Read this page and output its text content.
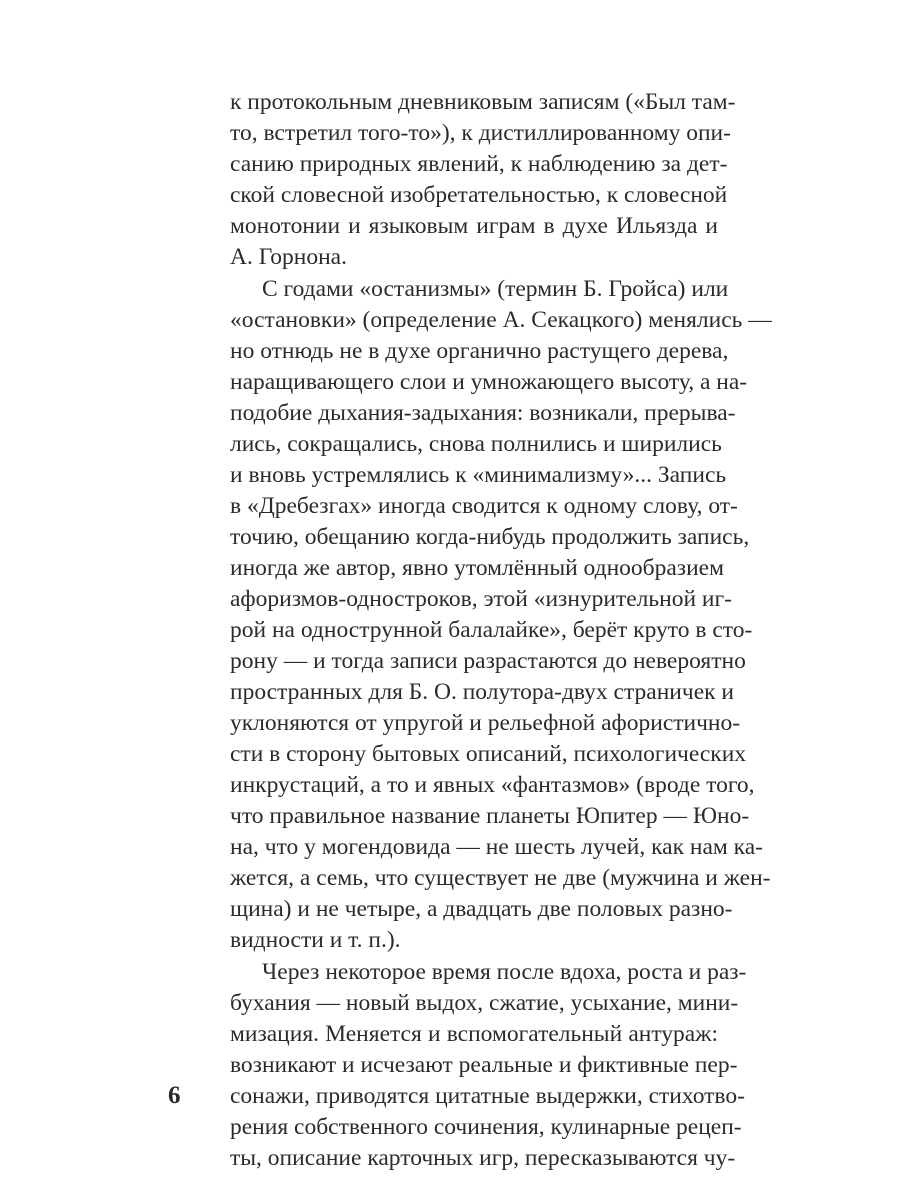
к протокольным дневниковым записям («Был там-
то, встретил того-то»), к дистиллированному опи-
санию природных явлений, к наблюдению за дет-
ской словесной изобретательностью, к словесной
монотонии и языковым играм в духе Ильязда и
А. Горнона.
С годами «останизмы» (термин Б. Гройса) или
«остановки» (определение А. Секацкого) менялись —
но отнюдь не в духе органично растущего дерева,
наращивающего слои и умножающего высоту, а на-
подобие дыхания-задыхания: возникали, прерыва-
лись, сокращались, снова полнились и ширились
и вновь устремлялись к «минимализму»... Запись
в «Дребезгах» иногда сводится к одному слову, от-
точию, обещанию когда-нибудь продолжить запись,
иногда же автор, явно утомлённый однообразием
афоризмов-одностроков, этой «изнурительной иг-
рой на однострунной балалайке», берёт круто в сто-
рону — и тогда записи разрастаются до невероятно
пространных для Б. О. полутора-двух страничек и
уклоняются от упругой и рельефной афористично-
сти в сторону бытовых описаний, психологических
инкрустаций, а то и явных «фантазмов» (вроде того,
что правильное название планеты Юпитер — Юно-
на, что у могендовида — не шесть лучей, как нам ка-
жется, а семь, что существует не две (мужчина и жен-
щина) и не четыре, а двадцать две половых разно-
видности и т. п.).
Через некоторое время после вдоха, роста и раз-
бухания — новый выдох, сжатие, усыхание, мини-
мизация. Меняется и вспомогательный антураж:
возникают и исчезают реальные и фиктивные пер-
сонажи, приводятся цитатные выдержки, стихотво-
рения собственного сочинения, кулинарные рецеп-
ты, описание карточных игр, пересказываются чу-
6
